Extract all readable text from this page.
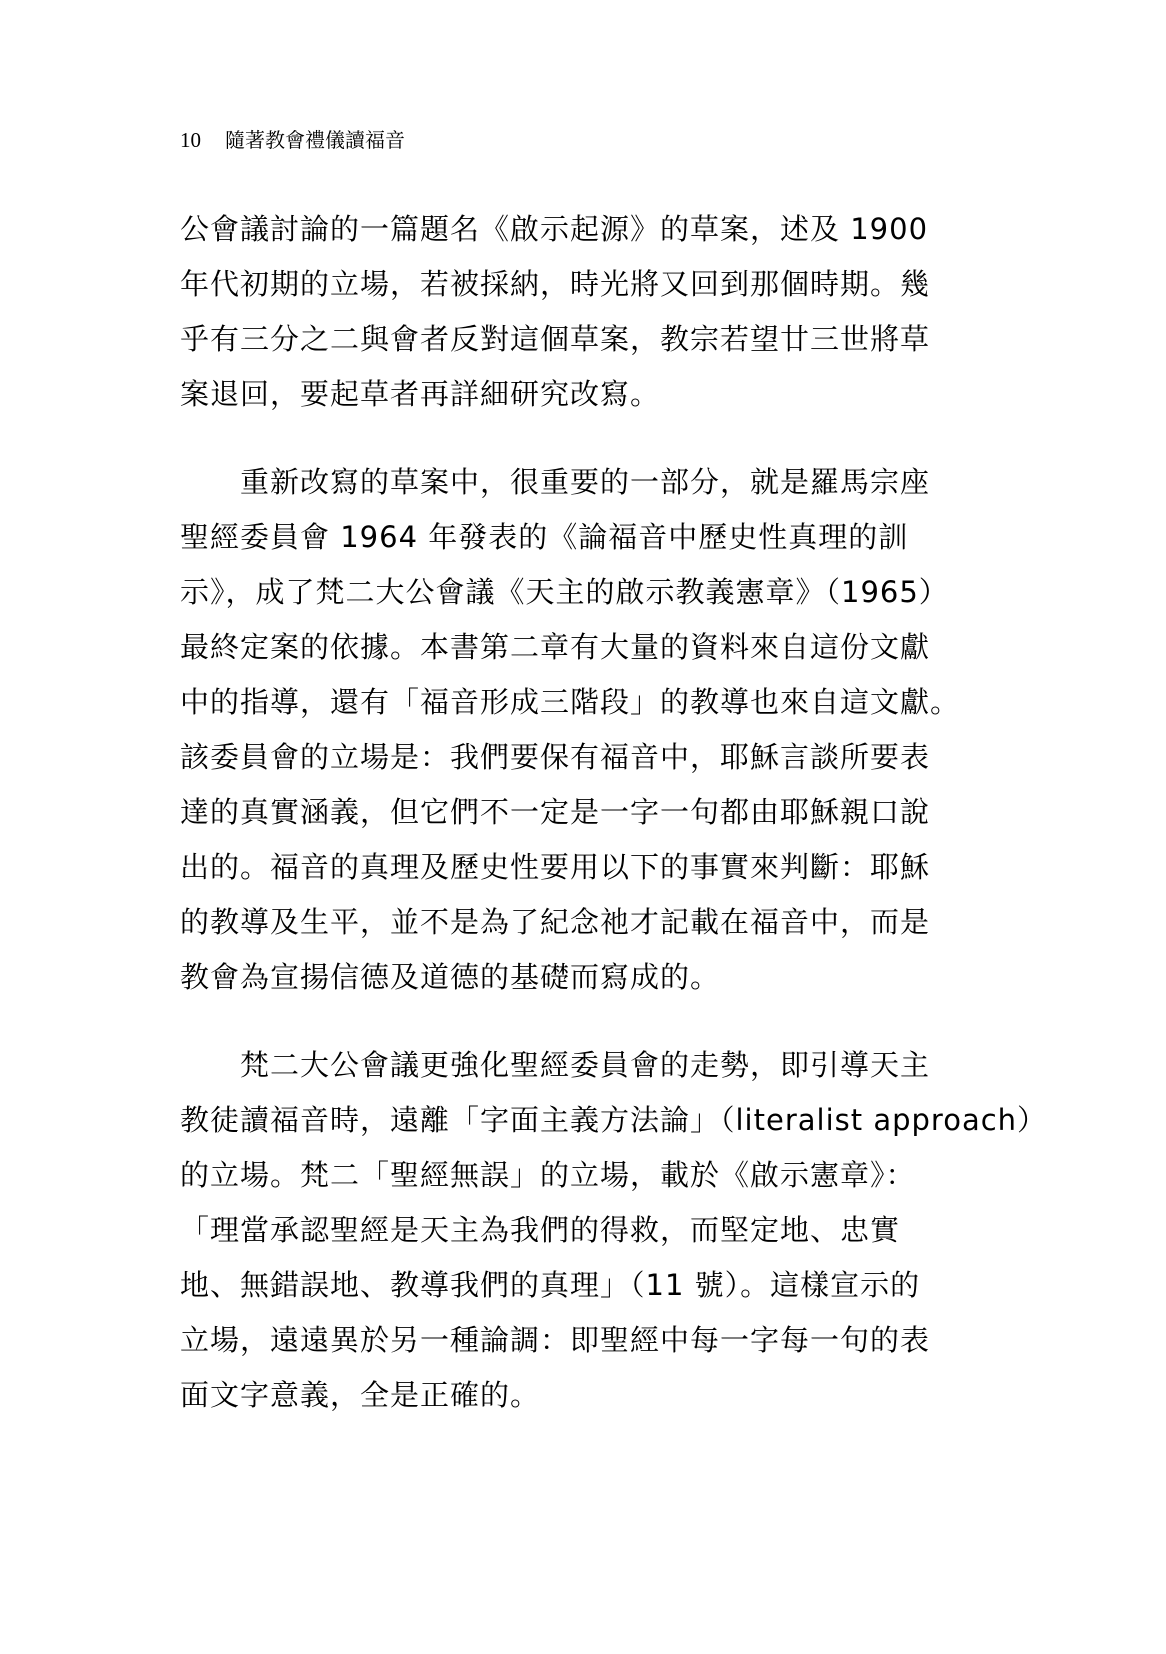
10 隨著教會禮儀讀福音
公會議討論的一篇題名《啟示起源》的草案，述及 1900
年代初期的立場，若被採納，時光將又回到那個時期。幾
乎有三分之二與會者反對這個草案，教宗若望廿三世將草
案退回，要起草者再詳細研究改寫。
　　重新改寫的草案中，很重要的一部分，就是羅馬宗座
聖經委員會 1964 年發表的《論福音中歷史性真理的訓
示》，成了梵二大公會議《天主的啟示教義憲章》（1965）
最終定案的依據。本書第二章有大量的資料來自這份文獻
中的指導，還有「福音形成三階段」的教導也來自這文獻。
該委員會的立場是：我們要保有福音中，耶穌言談所要表
達的真實涵義，但它們不一定是一字一句都由耶穌親口說
出的。福音的真理及歷史性要用以下的事實來判斷：耶穌
的教導及生平，並不是為了紀念祂才記載在福音中，而是
教會為宣揚信德及道德的基礎而寫成的。
　　梵二大公會議更強化聖經委員會的走勢，即引導天主
教徒讀福音時，遠離「字面主義方法論」（literalist approach）
的立場。梵二「聖經無誤」的立場，載於《啟示憲章》：
「理當承認聖經是天主為我們的得救，而堅定地、忠實
地、無錯誤地、教導我們的真理」（11 號）。這樣宣示的
立場，遠遠異於另一種論調：即聖經中每一字每一句的表
面文字意義，全是正確的。
